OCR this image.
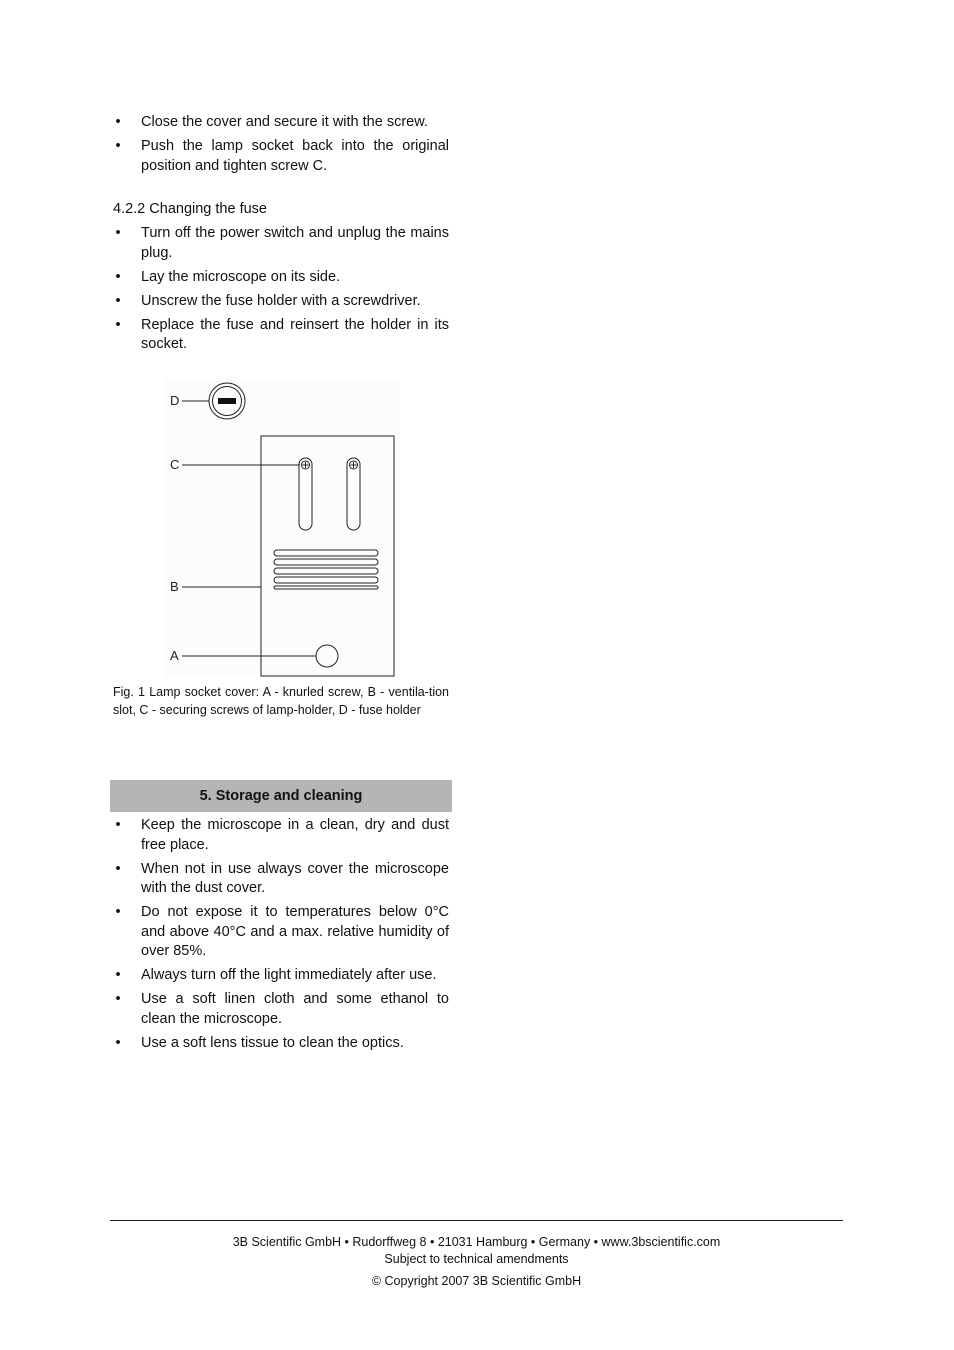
• Close the cover and secure it with the screw.
• Push the lamp socket back into the original position and tighten screw C.
4.2.2 Changing the fuse
• Turn off the power switch and unplug the mains plug.
• Lay the microscope on its side.
• Unscrew the fuse holder with a screwdriver.
• Replace the fuse and reinsert the holder in its socket.
D
C
B
A
Fig. 1 Lamp socket cover: A - knurled screw, B - ventila-tion slot, C - securing screws of lamp-holder, D - fuse holder
5. Storage and cleaning
• Keep the microscope in a clean, dry and dust free place.
• When not in use always cover the microscope with the dust cover.
• Do not expose it to temperatures below 0°C and above 40°C and a max. relative humidity of over 85%.
• Always turn off the light immediately after use.
• Use a soft linen cloth and some ethanol to clean the microscope.
• Use a soft lens tissue to clean the optics.
3B Scientific GmbH • Rudorffweg 8 • 21031 Hamburg • Germany • www.3bscientific.com
Subject to technical amendments
© Copyright 2007 3B Scientific GmbH
